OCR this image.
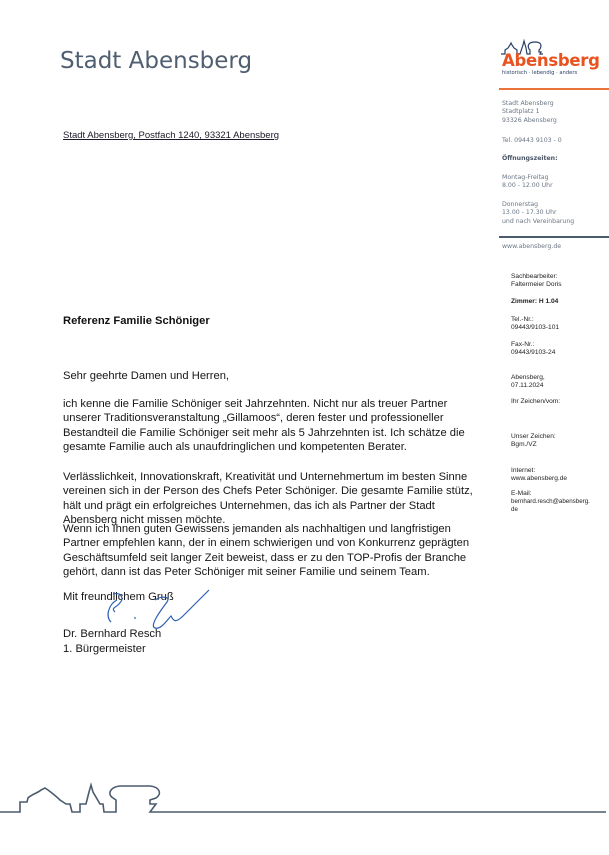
Stadt Abensberg
Stadt Abensberg, Postfach 1240, 93321 Abensberg
Abensberg
historisch · lebendig · anders
Stadt Abensberg
Stadtplatz 1
93326 Abensberg
Tel. 09443 9103 - 0
Öffnungszeiten:
Montag-Freitag
8.00 - 12.00 Uhr
Donnerstag
13.00 - 17.30 Uhr
und nach Vereinbarung
www.abensberg.de
Sachbearbeiter:
Faltermeier Doris
Zimmer: H 1.04
Tel.-Nr.:
09443/9103-101
Fax-Nr.:
09443/9103-24
Abensberg,
07.11.2024
Ihr Zeichen/vom:
Unser Zeichen:
Bgm./VZ
Internet:
www.abensberg.de
E-Mail:
bernhard.resch@abensberg.
de
Referenz Familie Schöniger
Sehr geehrte Damen und Herren,

ich kenne die Familie Schöniger seit Jahrzehnten. Nicht nur als treuer Partner

unserer Traditionsveranstaltung „Gillamoos“, deren fester und professioneller

Bestandteil die Familie Schöniger seit mehr als 5 Jahrzehnten ist. Ich schätze die

gesamte Familie auch als unaufdringlichen und kompetenten Berater.

Verlässlichkeit, Innovationskraft, Kreativität und Unternehmertum im besten Sinne

vereinen sich in der Person des Chefs Peter Schöniger. Die gesamte Familie stütz,

hält und prägt ein erfolgreiches Unternehmen, das ich als Partner der Stadt

Abensberg nicht missen möchte.

Wenn ich Ihnen guten Gewissens jemanden als nachhaltigen und langfristigen

Partner empfehlen kann, der in einem schwierigen und von Konkurrenz geprägten

Geschäftsumfeld seit langer Zeit beweist, dass er zu den TOP-Profis der Branche

gehört, dann ist das Peter Schöniger mit seiner Familie und seinem Team.

Mit freundlichem Gruß
Dr. Bernhard Resch
1. Bürgermeister
